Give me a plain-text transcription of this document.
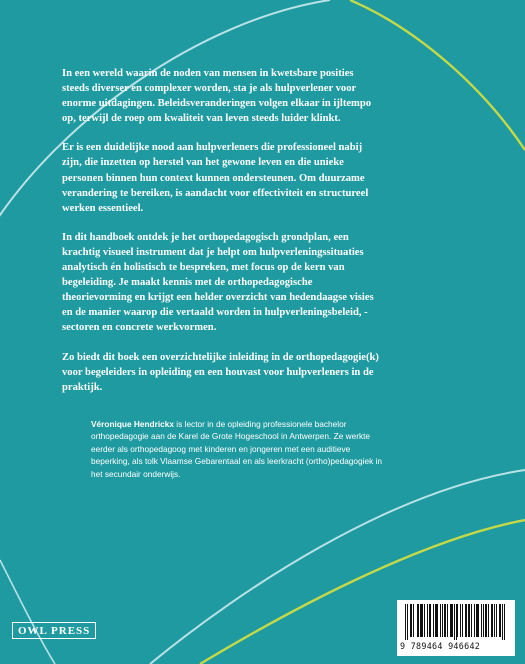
In een wereld waarin de noden van mensen in kwetsbare posities steeds diverser en complexer worden, sta je als hulpverlener voor enorme uitdagingen. Beleidsveranderingen volgen elkaar in ijltempo op, terwijl de roep om kwaliteit van leven steeds luider klinkt.

Er is een duidelijke nood aan hulpverleners die professioneel nabij zijn, die inzetten op herstel van het gewone leven en die unieke personen binnen hun context kunnen ondersteunen. Om duurzame verandering te bereiken, is aandacht voor effectiviteit en structureel werken essentieel.

In dit handboek ontdek je het orthopedagogisch grondplan, een krachtig visueel instrument dat je helpt om hulpverleningssituaties analytisch én holistisch te bespreken, met focus op de kern van begeleiding. Je maakt kennis met de orthopedagogische theorievorming en krijgt een helder overzicht van hedendaagse visies en de manier waarop die vertaald worden in hulpverleningsbeleid, -sectoren en concrete werkvormen.

Zo biedt dit boek een overzichtelijke inleiding in de orthopedagogie(k) voor begeleiders in opleiding en een houvast voor hulpverleners in de praktijk.

Véronique Hendrickx is lector in de opleiding professionele bachelor orthopedagogie aan de Karel de Grote Hogeschool in Antwerpen. Ze werkte eerder als orthopedagoog met kinderen en jongeren met een auditieve beperking, als tolk Vlaamse Gebarentaal en als leerkracht (ortho)pedagogiek in het secundair onderwijs.
OWL PRESS
9 789464 946642
